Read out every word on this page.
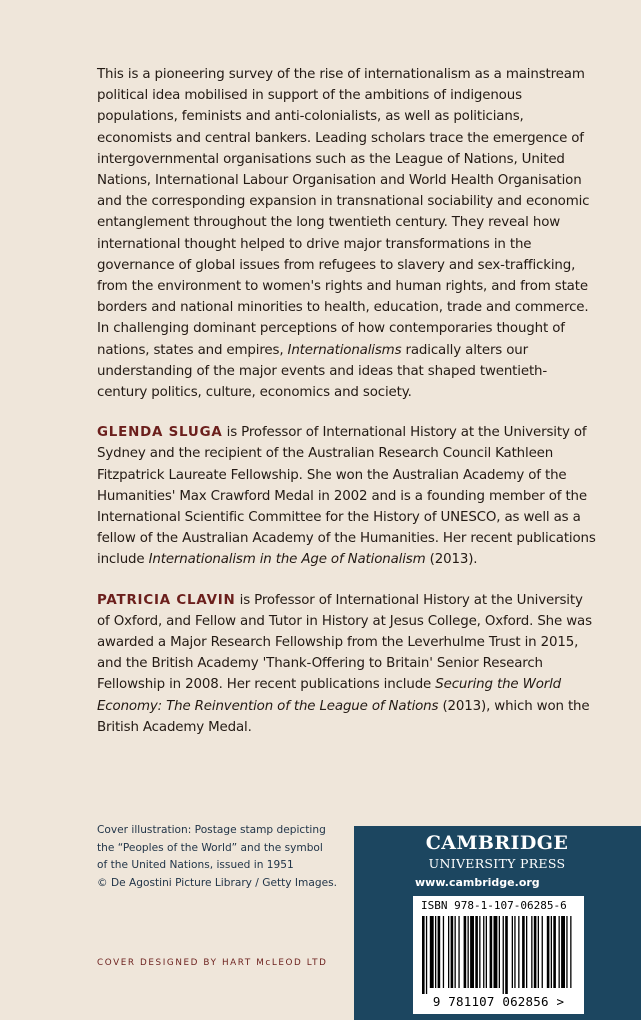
This is a pioneering survey of the rise of internationalism as a mainstream political idea mobilised in support of the ambitions of indigenous populations, feminists and anti-colonialists, as well as politicians, economists and central bankers. Leading scholars trace the emergence of intergovernmental organisations such as the League of Nations, United Nations, International Labour Organisation and World Health Organisation and the corresponding expansion in transnational sociability and economic entanglement throughout the long twentieth century. They reveal how international thought helped to drive major transformations in the governance of global issues from refugees to slavery and sex-trafficking, from the environment to women's rights and human rights, and from state borders and national minorities to health, education, trade and commerce. In challenging dominant perceptions of how contemporaries thought of nations, states and empires, Internationalisms radically alters our understanding of the major events and ideas that shaped twentieth-century politics, culture, economics and society.

GLENDA SLUGA is Professor of International History at the University of Sydney and the recipient of the Australian Research Council Kathleen Fitzpatrick Laureate Fellowship. She won the Australian Academy of the Humanities' Max Crawford Medal in 2002 and is a founding member of the International Scientific Committee for the History of UNESCO, as well as a fellow of the Australian Academy of the Humanities. Her recent publications include Internationalism in the Age of Nationalism (2013).

PATRICIA CLAVIN is Professor of International History at the University of Oxford, and Fellow and Tutor in History at Jesus College, Oxford. She was awarded a Major Research Fellowship from the Leverhulme Trust in 2015, and the British Academy 'Thank-Offering to Britain' Senior Research Fellowship in 2008. Her recent publications include Securing the World Economy: The Reinvention of the League of Nations (2013), which won the British Academy Medal.

Cover illustration: Postage stamp depicting
the “Peoples of the World” and the symbol
of the United Nations, issued in 1951
© De Agostini Picture Library / Getty Images.
COVER DESIGNED BY HART McLEOD LTD
CAMBRIDGE
UNIVERSITY PRESS
www.cambridge.org
ISBN 978-1-107-06285-6
9 781107 062856 >
